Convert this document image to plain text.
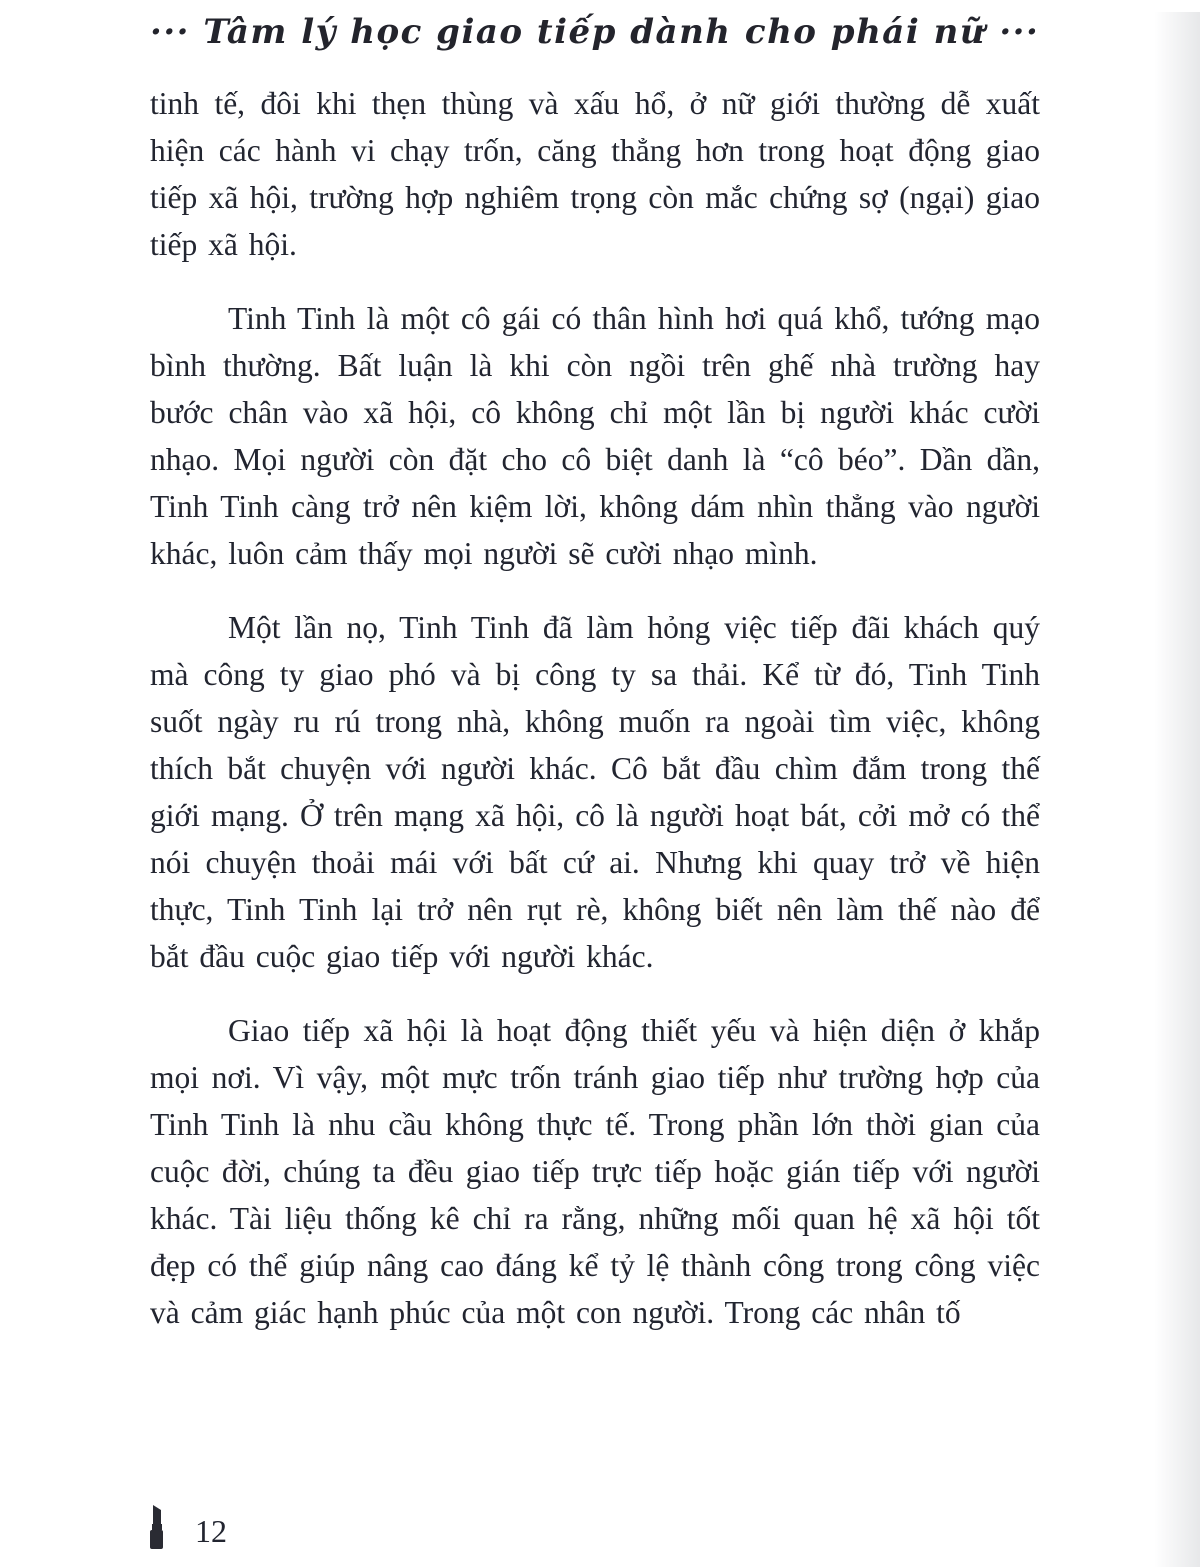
··· Tâm lý học giao tiếp dành cho phái nữ ···

tinh tế, đôi khi thẹn thùng và xấu hổ, ở nữ giới thường dễ xuất hiện các hành vi chạy trốn, căng thẳng hơn trong hoạt động giao tiếp xã hội, trường hợp nghiêm trọng còn mắc chứng sợ (ngại) giao tiếp xã hội.

Tinh Tinh là một cô gái có thân hình hơi quá khổ, tướng mạo bình thường. Bất luận là khi còn ngồi trên ghế nhà trường hay bước chân vào xã hội, cô không chỉ một lần bị người khác cười nhạo. Mọi người còn đặt cho cô biệt danh là “cô béo”. Dần dần, Tinh Tinh càng trở nên kiệm lời, không dám nhìn thẳng vào người khác, luôn cảm thấy mọi người sẽ cười nhạo mình.

Một lần nọ, Tinh Tinh đã làm hỏng việc tiếp đãi khách quý mà công ty giao phó và bị công ty sa thải. Kể từ đó, Tinh Tinh suốt ngày ru rú trong nhà, không muốn ra ngoài tìm việc, không thích bắt chuyện với người khác. Cô bắt đầu chìm đắm trong thế giới mạng. Ở trên mạng xã hội, cô là người hoạt bát, cởi mở có thể nói chuyện thoải mái với bất cứ ai. Nhưng khi quay trở về hiện thực, Tinh Tinh lại trở nên rụt rè, không biết nên làm thế nào để bắt đầu cuộc giao tiếp với người khác.

Giao tiếp xã hội là hoạt động thiết yếu và hiện diện ở khắp mọi nơi. Vì vậy, một mực trốn tránh giao tiếp như trường hợp của Tinh Tinh là nhu cầu không thực tế. Trong phần lớn thời gian của cuộc đời, chúng ta đều giao tiếp trực tiếp hoặc gián tiếp với người khác. Tài liệu thống kê chỉ ra rằng, những mối quan hệ xã hội tốt đẹp có thể giúp nâng cao đáng kể tỷ lệ thành công trong công việc và cảm giác hạnh phúc của một con người. Trong các nhân tố

12
